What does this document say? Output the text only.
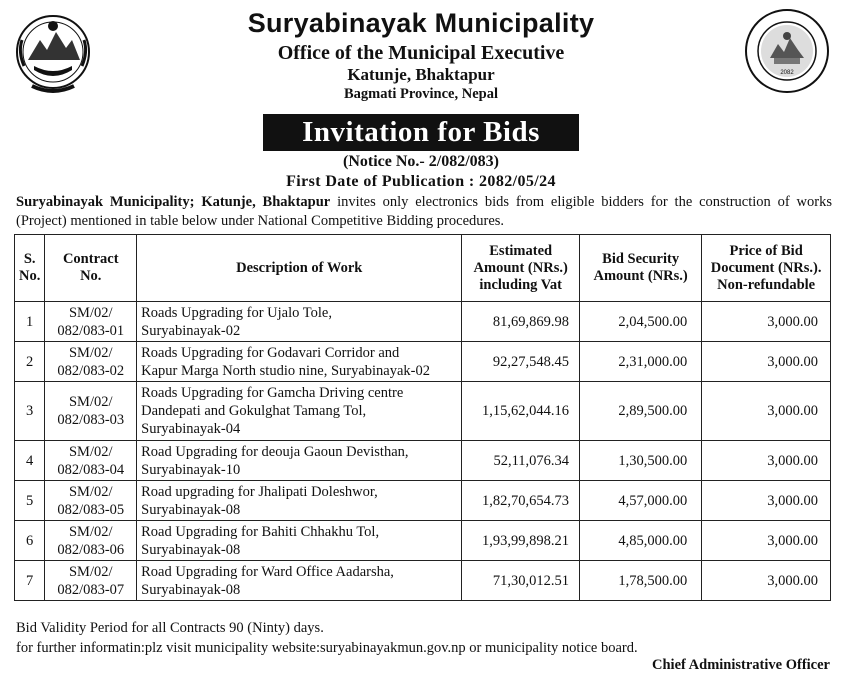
2082
Suryabinayak Municipality
Office of the Municipal Executive
Katunje, Bhaktapur
Bagmati Province, Nepal
Invitation for Bids
(Notice No.- 2/082/083)
First Date of Publication : 2082/05/24
Suryabinayak Municipality; Katunje, Bhaktapur invites only electronics bids from eligible bidders for the construction of works (Project) mentioned in table below under National Competitive Bidding procedures.
S.
No.	Contract
No.	Description of Work	Estimated
Amount (NRs.)
including Vat	Bid Security
Amount (NRs.)	Price of Bid
Document (NRs.).
Non-refundable
1	SM/02/
082/083-01	Roads Upgrading for Ujalo Tole,
Suryabinayak-02	81,69,869.98	2,04,500.00	3,000.00
2	SM/02/
082/083-02	Roads Upgrading for Godavari Corridor and
Kapur Marga North studio nine, Suryabinayak-02	92,27,548.45	2,31,000.00	3,000.00
3	SM/02/
082/083-03	Roads Upgrading for Gamcha Driving centre
Dandepati and Gokulghat Tamang Tol,
Suryabinayak-04	1,15,62,044.16	2,89,500.00	3,000.00
4	SM/02/
082/083-04	Road Upgrading for deouja Gaoun Devisthan,
Suryabinayak-10	52,11,076.34	1,30,500.00	3,000.00
5	SM/02/
082/083-05	Road upgrading for Jhalipati Doleshwor,
Suryabinayak-08	1,82,70,654.73	4,57,000.00	3,000.00
6	SM/02/
082/083-06	Road Upgrading for Bahiti Chhakhu Tol,
Suryabinayak-08	1,93,99,898.21	4,85,000.00	3,000.00
7	SM/02/
082/083-07	Road Upgrading for Ward Office Aadarsha,
Suryabinayak-08	71,30,012.51	1,78,500.00	3,000.00
Bid Validity Period for all Contracts 90 (Ninty) days.
for further informatin:plz visit municipality website:suryabinayakmun.gov.np or municipality notice board.
Chief Administrative Officer
